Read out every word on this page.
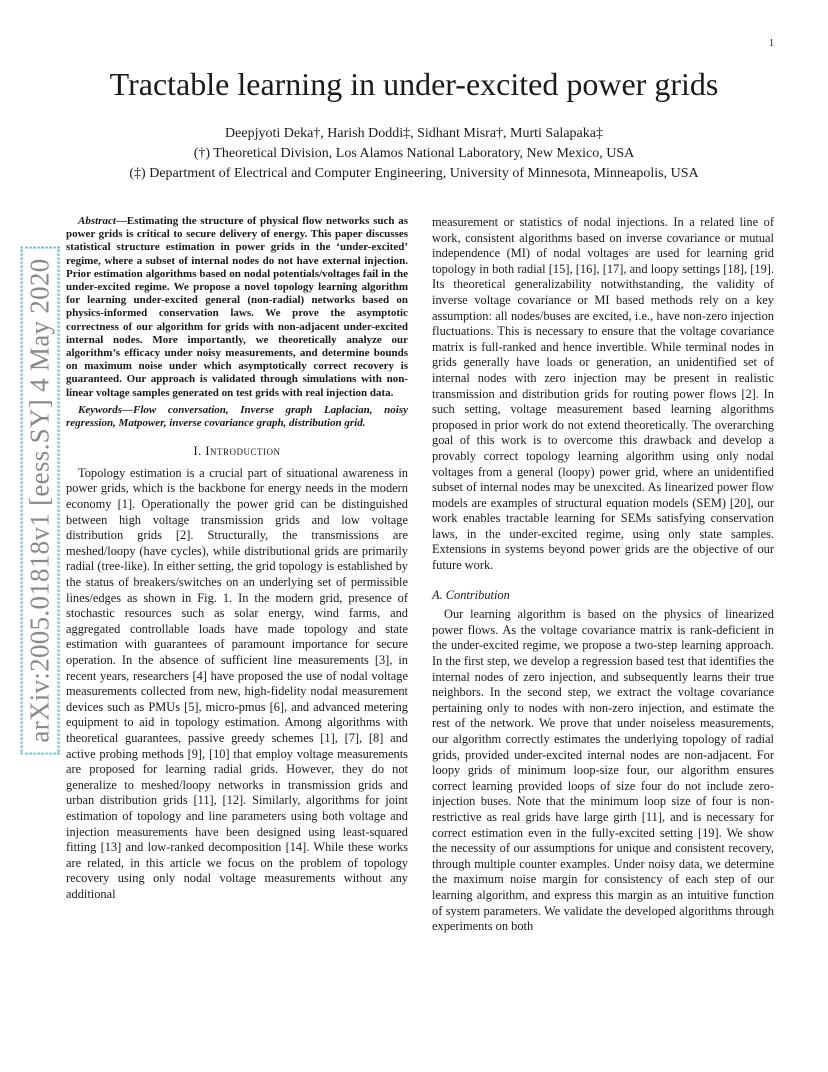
1
arXiv:2005.01818v1 [eess.SY] 4 May 2020
Tractable learning in under-excited power grids
Deepjyoti Deka†, Harish Doddi‡, Sidhant Misra†, Murti Salapaka‡
(†) Theoretical Division, Los Alamos National Laboratory, New Mexico, USA
(‡) Department of Electrical and Computer Engineering, University of Minnesota, Minneapolis, USA

Abstract—Estimating the structure of physical flow networks such as power grids is critical to secure delivery of energy. This paper discusses statistical structure estimation in power grids in the ‘under-excited’ regime, where a subset of internal nodes do not have external injection. Prior estimation algorithms based on nodal potentials/voltages fail in the under-excited regime. We propose a novel topology learning algorithm for learning under-excited general (non-radial) networks based on physics-informed conservation laws. We prove the asymptotic correctness of our algorithm for grids with non-adjacent under-excited internal nodes. More importantly, we theoretically analyze our algorithm’s efficacy under noisy measurements, and determine bounds on maximum noise under which asymptotically correct recovery is guaranteed. Our approach is validated through simulations with non-linear voltage samples generated on test grids with real injection data.

Keywords—Flow conversation, Inverse graph Laplacian, noisy regression, Matpower, inverse covariance graph, distribution grid.

I. Introduction

Topology estimation is a crucial part of situational awareness in power grids, which is the backbone for energy needs in the modern economy [1]. Operationally the power grid can be distinguished between high voltage transmission grids and low voltage distribution grids [2]. Structurally, the transmissions are meshed/loopy (have cycles), while distributional grids are primarily radial (tree-like). In either setting, the grid topology is established by the status of breakers/switches on an underlying set of permissible lines/edges as shown in Fig. 1. In the modern grid, presence of stochastic resources such as solar energy, wind farms, and aggregated controllable loads have made topology and state estimation with guarantees of paramount importance for secure operation. In the absence of sufficient line measurements [3], in recent years, researchers [4] have proposed the use of nodal voltage measurements collected from new, high-fidelity nodal measurement devices such as PMUs [5], micro-pmus [6], and advanced metering equipment to aid in topology estimation. Among algorithms with theoretical guarantees, passive greedy schemes [1], [7], [8] and active probing methods [9], [10] that employ voltage measurements are proposed for learning radial grids. However, they do not generalize to meshed/loopy networks in transmission grids and urban distribution grids [11], [12]. Similarly, algorithms for joint estimation of topology and line parameters using both voltage and injection measurements have been designed using least-squared fitting [13] and low-ranked decomposition [14]. While these works are related, in this article we focus on the problem of topology recovery using only nodal voltage measurements without any additional

measurement or statistics of nodal injections. In a related line of work, consistent algorithms based on inverse covariance or mutual independence (MI) of nodal voltages are used for learning grid topology in both radial [15], [16], [17], and loopy settings [18], [19]. Its theoretical generalizability notwithstanding, the validity of inverse voltage covariance or MI based methods rely on a key assumption: all nodes/buses are excited, i.e., have non-zero injection fluctuations. This is necessary to ensure that the voltage covariance matrix is full-ranked and hence invertible. While terminal nodes in grids generally have loads or generation, an unidentified set of internal nodes with zero injection may be present in realistic transmission and distribution grids for routing power flows [2]. In such setting, voltage measurement based learning algorithms proposed in prior work do not extend theoretically. The overarching goal of this work is to overcome this drawback and develop a provably correct topology learning algorithm using only nodal voltages from a general (loopy) power grid, where an unidentified subset of internal nodes may be unexcited. As linearized power flow models are examples of structural equation models (SEM) [20], our work enables tractable learning for SEMs satisfying conservation laws, in the under-excited regime, using only state samples. Extensions in systems beyond power grids are the objective of our future work.

A. Contribution

Our learning algorithm is based on the physics of linearized power flows. As the voltage covariance matrix is rank-deficient in the under-excited regime, we propose a two-step learning approach. In the first step, we develop a regression based test that identifies the internal nodes of zero injection, and subsequently learns their true neighbors. In the second step, we extract the voltage covariance pertaining only to nodes with non-zero injection, and estimate the rest of the network. We prove that under noiseless measurements, our algorithm correctly estimates the underlying topology of radial grids, provided under-excited internal nodes are non-adjacent. For loopy grids of minimum loop-size four, our algorithm ensures correct learning provided loops of size four do not include zero-injection buses. Note that the minimum loop size of four is non-restrictive as real grids have large girth [11], and is necessary for correct estimation even in the fully-excited setting [19]. We show the necessity of our assumptions for unique and consistent recovery, through multiple counter examples. Under noisy data, we determine the maximum noise margin for consistency of each step of our learning algorithm, and express this margin as an intuitive function of system parameters. We validate the developed algorithms through experiments on both
